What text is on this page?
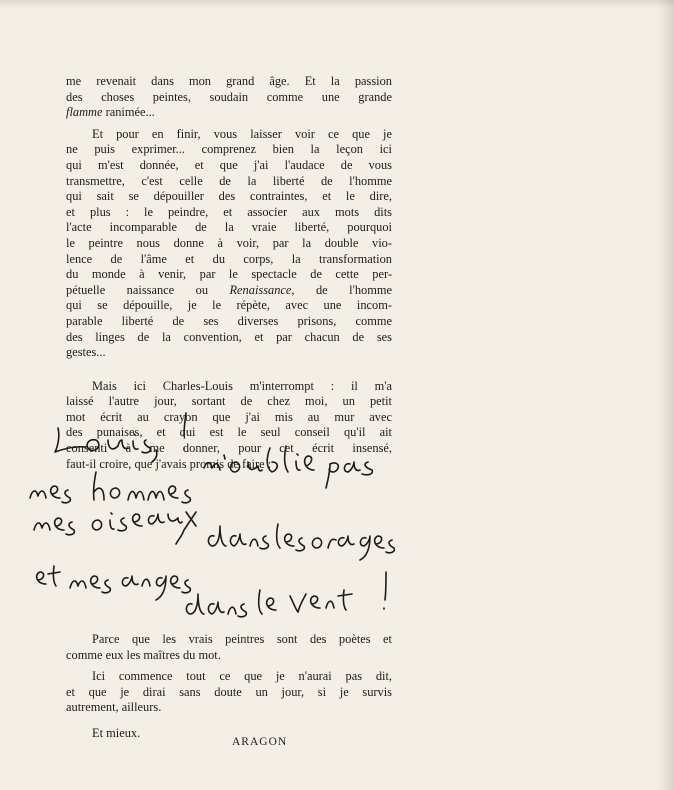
me revenait dans mon grand âge. Et la passion
des choses peintes, soudain comme une grande
flamme ranimée...

Et pour en finir, vous laisser voir ce que je
ne puis exprimer... comprenez bien la leçon ici
qui m'est donnée, et que j'ai l'audace de vous
transmettre, c'est celle de la liberté de l'homme
qui sait se dépouiller des contraintes, et le dire,
et plus : le peindre, et associer aux mots dits
l'acte incomparable de la vraie liberté, pourquoi
le peintre nous donne à voir, par la double vio-
lence de l'âme et du corps, la transformation
du monde à venir, par le spectacle de cette per-
pétuelle naissance ou Renaissance, de l'homme
qui se dépouille, je le répète, avec une incom-
parable liberté de ses diverses prisons, comme
des linges de la convention, et par chacun de ses
gestes...

Mais ici Charles-Louis m'interrompt : il m'a
laissé l'autre jour, sortant de chez moi, un petit
mot écrit au crayon que j'ai mis au mur avec
des punaises, et qui est le seul conseil qu'il ait
consenti à me donner, pour cet écrit insensé,
faut-il croire, que j'avais promis de faire :

Parce que les vrais peintres sont des poètes et
comme eux les maîtres du mot.

Ici commence tout ce que je n'aurai pas dit,
et que je dirai sans doute un jour, si je survis
autrement, ailleurs.

Et mieux.

ARAGON
